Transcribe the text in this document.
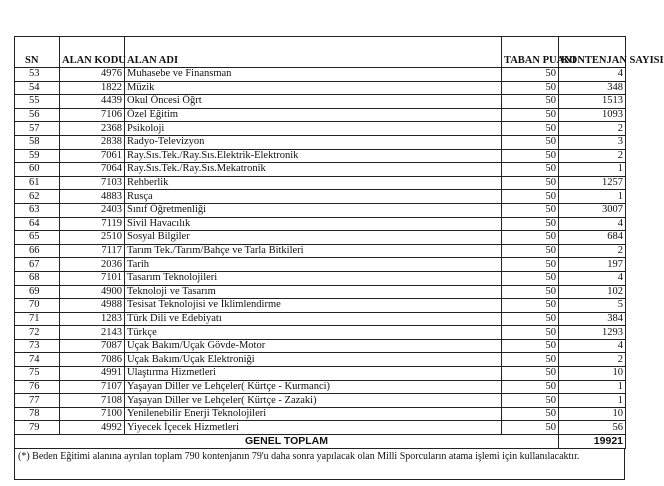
SN	ALAN KODU	ALAN ADI	TABAN PUANI	KONTENJAN SAYISI
53	4976	Muhasebe ve Finansman	50	4
54	1822	Müzik	50	348
55	4439	Okul Öncesi Öğrt	50	1513
56	7106	Özel Eğitim	50	1093
57	2368	Psikoloji	50	2
58	2838	Radyo-Televizyon	50	3
59	7061	Ray.Sıs.Tek./Ray.Sıs.Elektrik-Elektronik	50	2
60	7064	Ray.Sıs.Tek./Ray.Sıs.Mekatronik	50	1
61	7103	Rehberlik	50	1257
62	4883	Rusça	50	1
63	2403	Sınıf Öğretmenliği	50	3007
64	7119	Sivil Havacılık	50	4
65	2510	Sosyal Bilgiler	50	684
66	7117	Tarım Tek./Tarım/Bahçe ve Tarla Bitkileri	50	2
67	2036	Tarih	50	197
68	7101	Tasarım Teknolojileri	50	4
69	4900	Teknoloji ve Tasarım	50	102
70	4988	Tesisat Teknolojisi ve İklimlendirme	50	5
71	1283	Türk Dili ve Edebiyatı	50	384
72	2143	Türkçe	50	1293
73	7087	Uçak Bakım/Uçak Gövde-Motor	50	4
74	7086	Uçak Bakım/Uçak Elektroniği	50	2
75	4991	Ulaştırma Hizmetleri	50	10
76	7107	Yaşayan Diller ve Lehçeler( Kürtçe - Kurmanci)	50	1
77	7108	Yaşayan Diller ve Lehçeler( Kürtçe - Zazaki)	50	1
78	7100	Yenilenebilir Enerji Teknolojileri	50	10
79	4992	Yiyecek İçecek Hizmetleri	50	56
GENEL TOPLAM				19921
(*) Beden Eğitimi alanına ayrılan toplam 790 kontenjanın 79'u daha sonra yapılacak olan Milli Sporcuların atama işlemi için kullanılacaktır.
